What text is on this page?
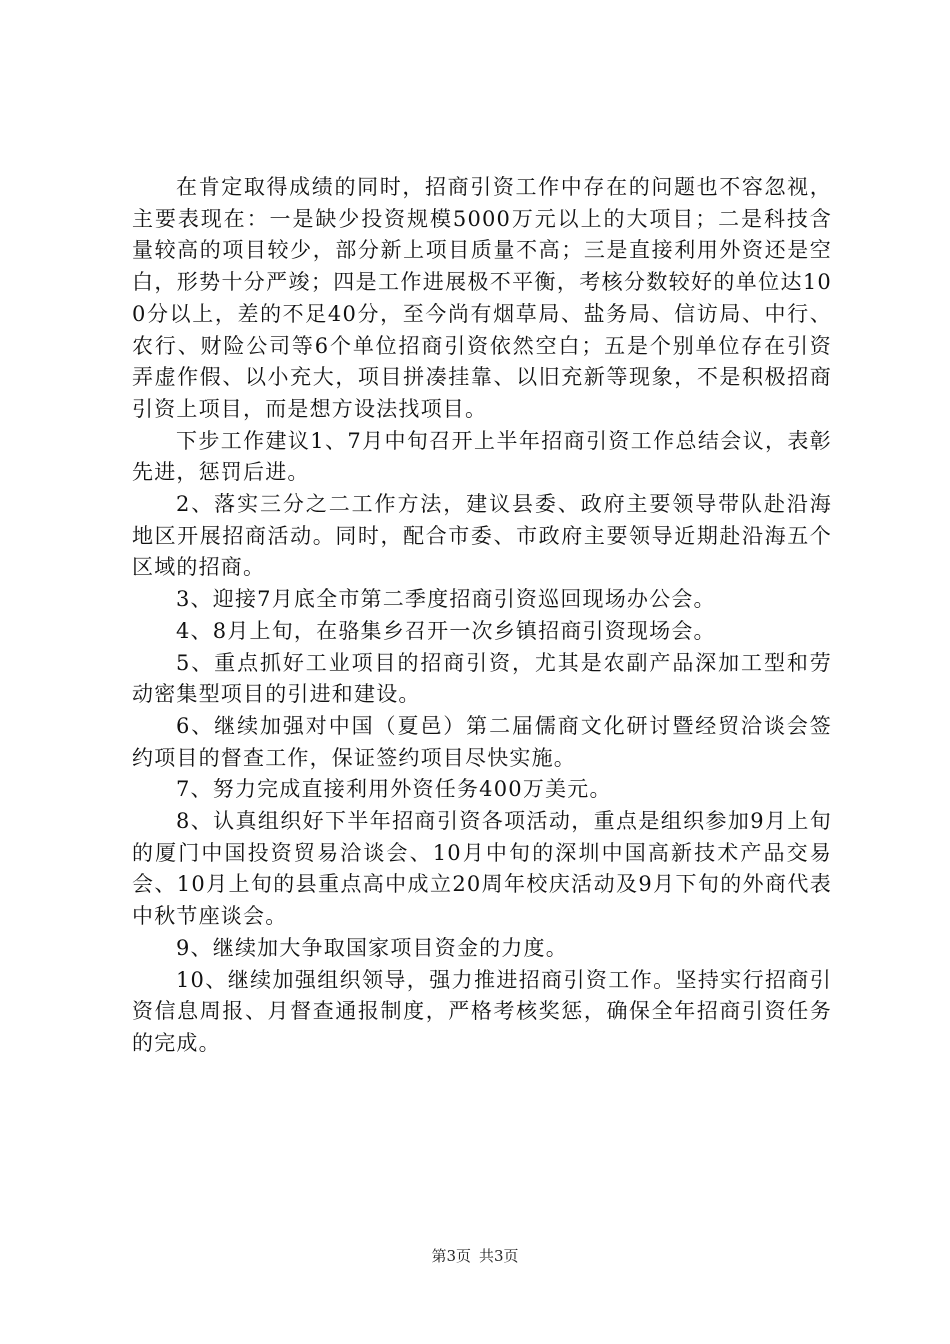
在肯定取得成绩的同时，招商引资工作中存在的问题也不容忽视，主要表现在：一是缺少投资规模5000万元以上的大项目；二是科技含量较高的项目较少，部分新上项目质量不高；三是直接利用外资还是空白，形势十分严竣；四是工作进展极不平衡，考核分数较好的单位达100分以上，差的不足40分，至今尚有烟草局、盐务局、信访局、中行、农行、财险公司等6个单位招商引资依然空白；五是个别单位存在引资弄虚作假、以小充大，项目拼凑挂靠、以旧充新等现象，不是积极招商引资上项目，而是想方设法找项目。

下步工作建议1、7月中旬召开上半年招商引资工作总结会议，表彰先进，惩罚后进。

2、落实三分之二工作方法，建议县委、政府主要领导带队赴沿海地区开展招商活动。同时，配合市委、市政府主要领导近期赴沿海五个区域的招商。

3、迎接7月底全市第二季度招商引资巡回现场办公会。

4、8月上旬，在骆集乡召开一次乡镇招商引资现场会。

5、重点抓好工业项目的招商引资，尤其是农副产品深加工型和劳动密集型项目的引进和建设。

6、继续加强对中国（夏邑）第二届儒商文化研讨暨经贸洽谈会签约项目的督查工作，保证签约项目尽快实施。

7、努力完成直接利用外资任务400万美元。

8、认真组织好下半年招商引资各项活动，重点是组织参加9月上旬的厦门中国投资贸易洽谈会、10月中旬的深圳中国高新技术产品交易会、10月上旬的县重点高中成立20周年校庆活动及9月下旬的外商代表中秋节座谈会。

9、继续加大争取国家项目资金的力度。

10、继续加强组织领导，强力推进招商引资工作。坚持实行招商引资信息周报、月督查通报制度，严格考核奖惩，确保全年招商引资任务的完成。

第3页 共3页
